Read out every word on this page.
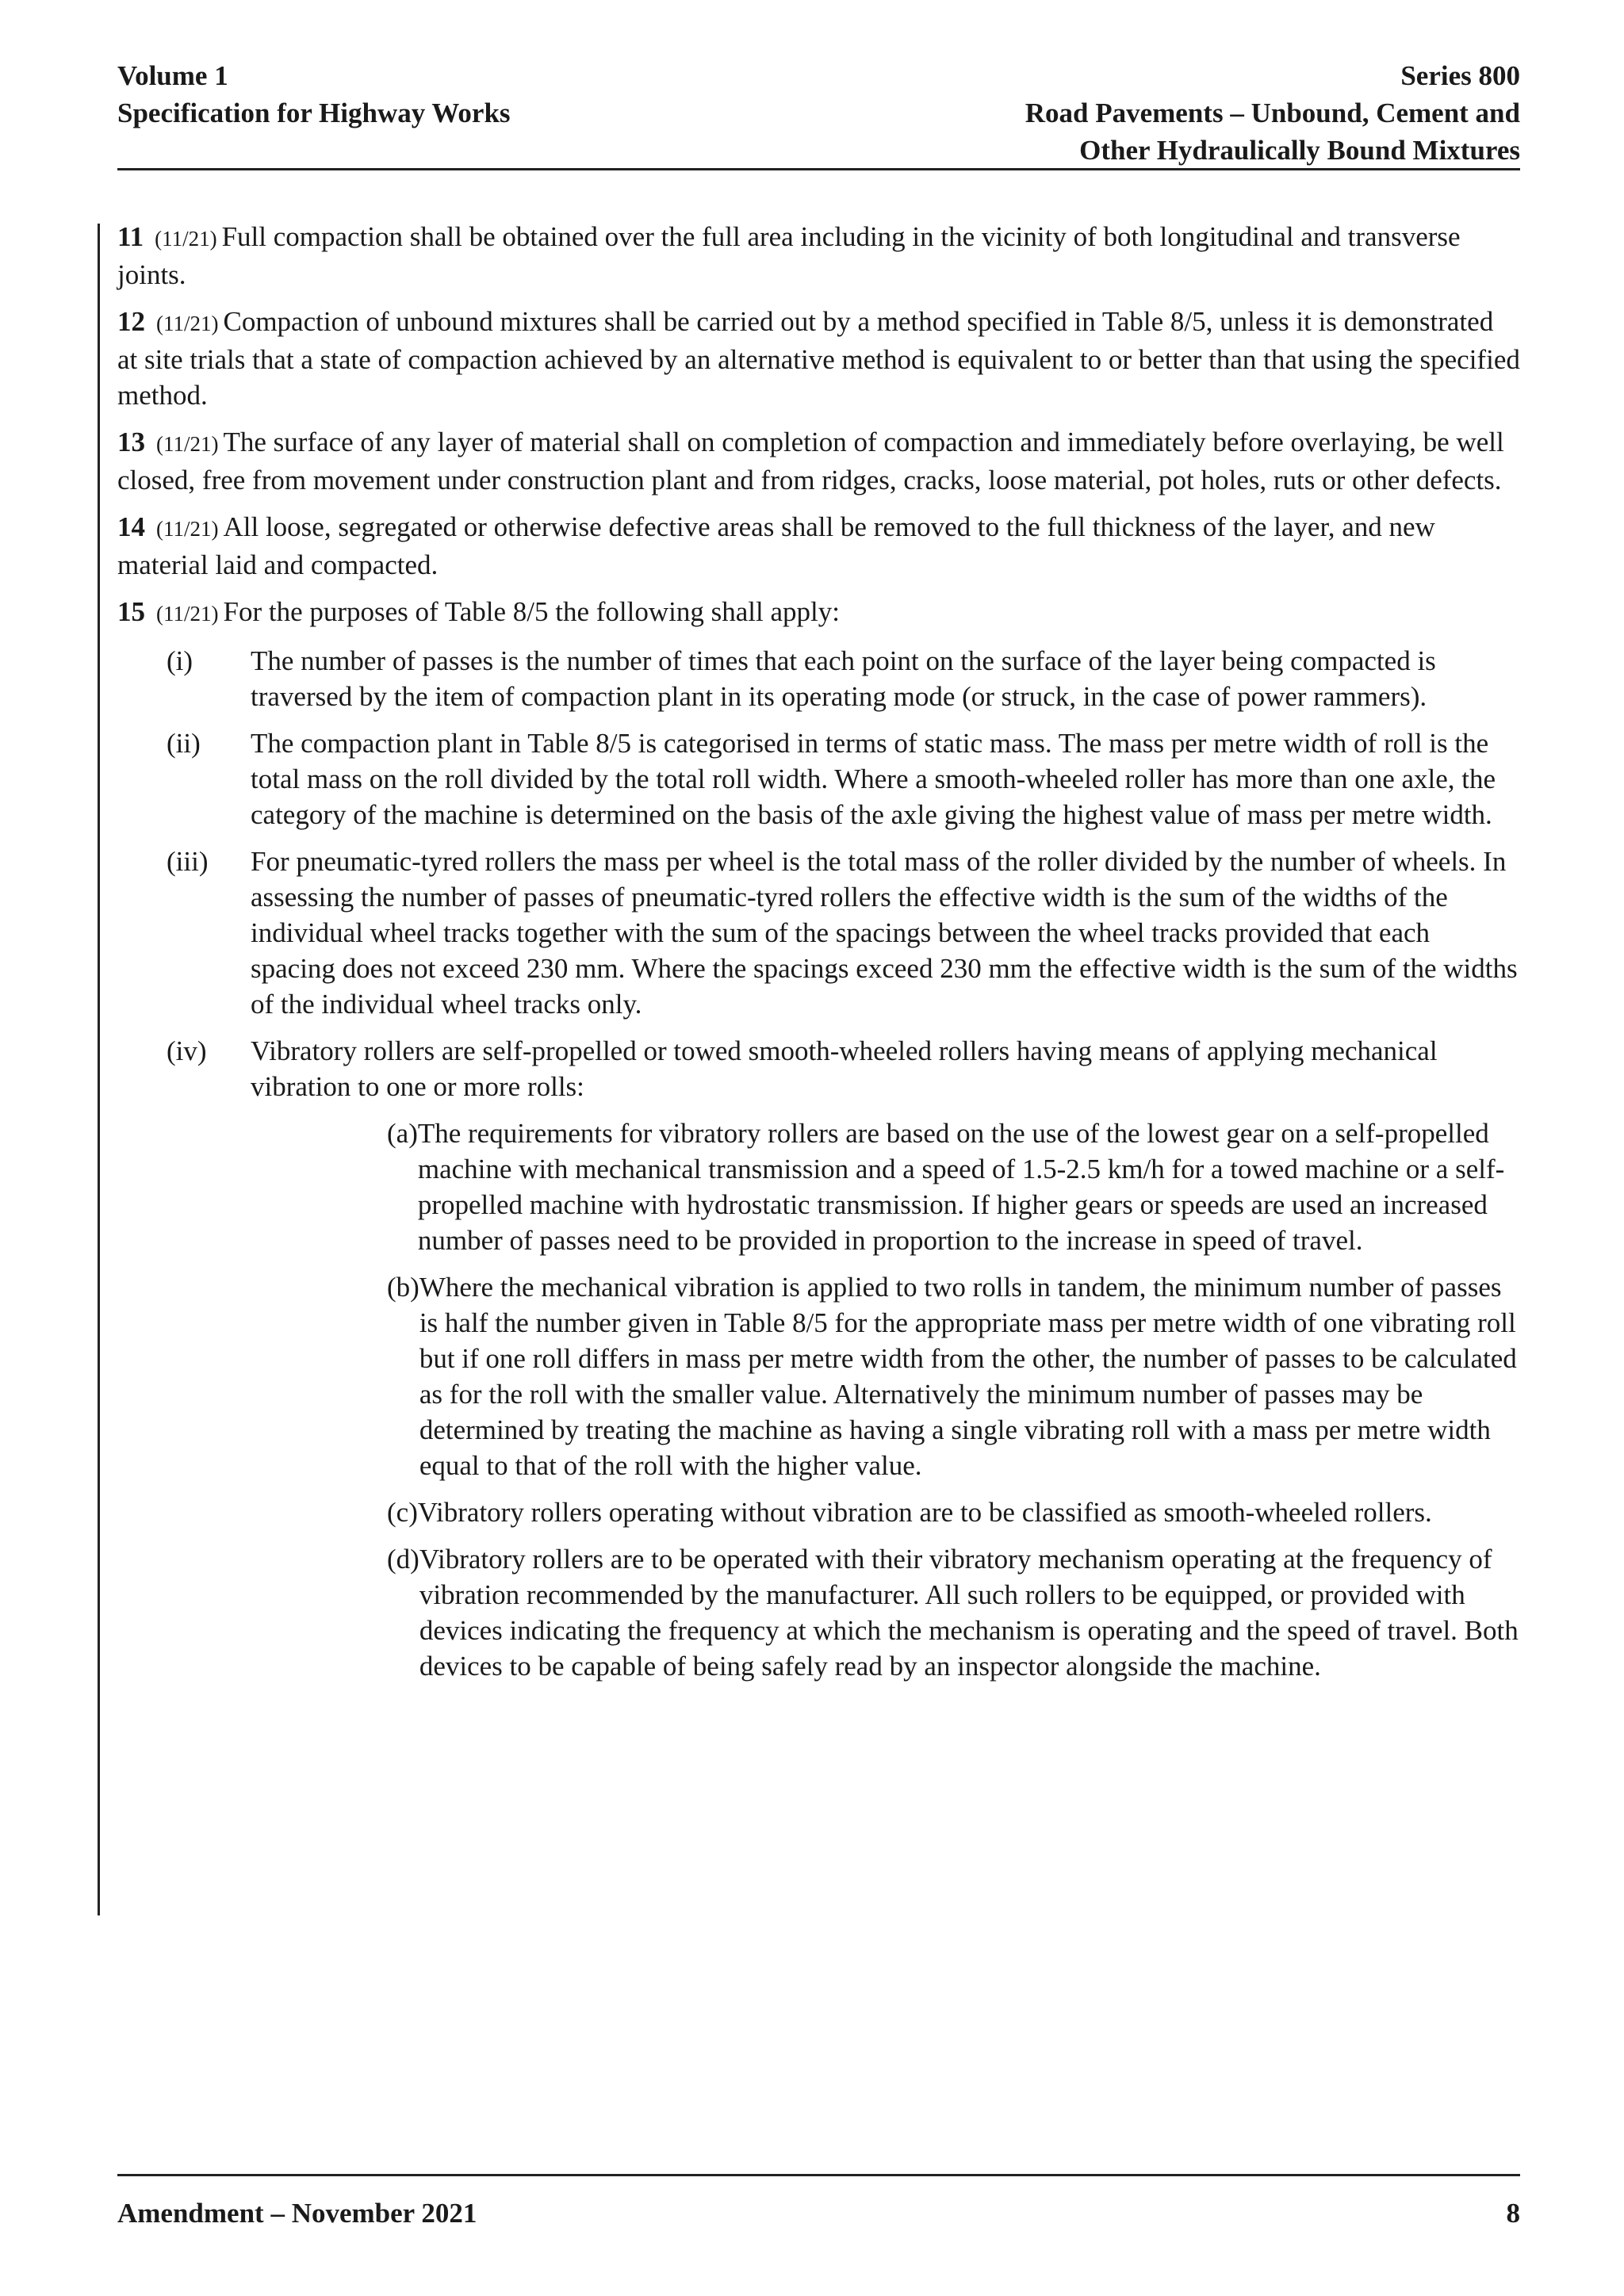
Volume 1
Specification for Highway Works
Series 800
Road Pavements – Unbound, Cement and
Other Hydraulically Bound Mixtures

11 (11/21) Full compaction shall be obtained over the full area including in the vicinity of both longitudinal and transverse joints.

12 (11/21) Compaction of unbound mixtures shall be carried out by a method specified in Table 8/5, unless it is demonstrated at site trials that a state of compaction achieved by an alternative method is equivalent to or better than that using the specified method.

13 (11/21) The surface of any layer of material shall on completion of compaction and immediately before overlaying, be well closed, free from movement under construction plant and from ridges, cracks, loose material, pot holes, ruts or other defects.

14 (11/21) All loose, segregated or otherwise defective areas shall be removed to the full thickness of the layer, and new material laid and compacted.

15 (11/21) For the purposes of Table 8/5 the following shall apply:

(i)	The number of passes is the number of times that each point on the surface of the layer being compacted is traversed by the item of compaction plant in its operating mode (or struck, in the case of power rammers).
(ii)	The compaction plant in Table 8/5 is categorised in terms of static mass. The mass per metre width of roll is the total mass on the roll divided by the total roll width. Where a smooth-wheeled roller has more than one axle, the category of the machine is determined on the basis of the axle giving the highest value of mass per metre width.
(iii)	For pneumatic-tyred rollers the mass per wheel is the total mass of the roller divided by the number of wheels. In assessing the number of passes of pneumatic-tyred rollers the effective width is the sum of the widths of the individual wheel tracks together with the sum of the spacings between the wheel tracks provided that each spacing does not exceed 230 mm. Where the spacings exceed 230 mm the effective width is the sum of the widths of the individual wheel tracks only.
(iv)	Vibratory rollers are self-propelled or towed smooth-wheeled rollers having means of applying mechanical vibration to one or more rolls:
(a) The requirements for vibratory rollers are based on the use of the lowest gear on a self-propelled machine with mechanical transmission and a speed of 1.5-2.5 km/h for a towed machine or a self-propelled machine with hydrostatic transmission. If higher gears or speeds are used an increased number of passes need to be provided in proportion to the increase in speed of travel.
(b) Where the mechanical vibration is applied to two rolls in tandem, the minimum number of passes is half the number given in Table 8/5 for the appropriate mass per metre width of one vibrating roll but if one roll differs in mass per metre width from the other, the number of passes to be calculated as for the roll with the smaller value. Alternatively the minimum number of passes may be determined by treating the machine as having a single vibrating roll with a mass per metre width equal to that of the roll with the higher value.
(c) Vibratory rollers operating without vibration are to be classified as smooth-wheeled rollers.
(d) Vibratory rollers are to be operated with their vibratory mechanism operating at the frequency of vibration recommended by the manufacturer. All such rollers to be equipped, or provided with devices indicating the frequency at which the mechanism is operating and the speed of travel. Both devices to be capable of being safely read by an inspector alongside the machine.
Amendment – November 2021	8
